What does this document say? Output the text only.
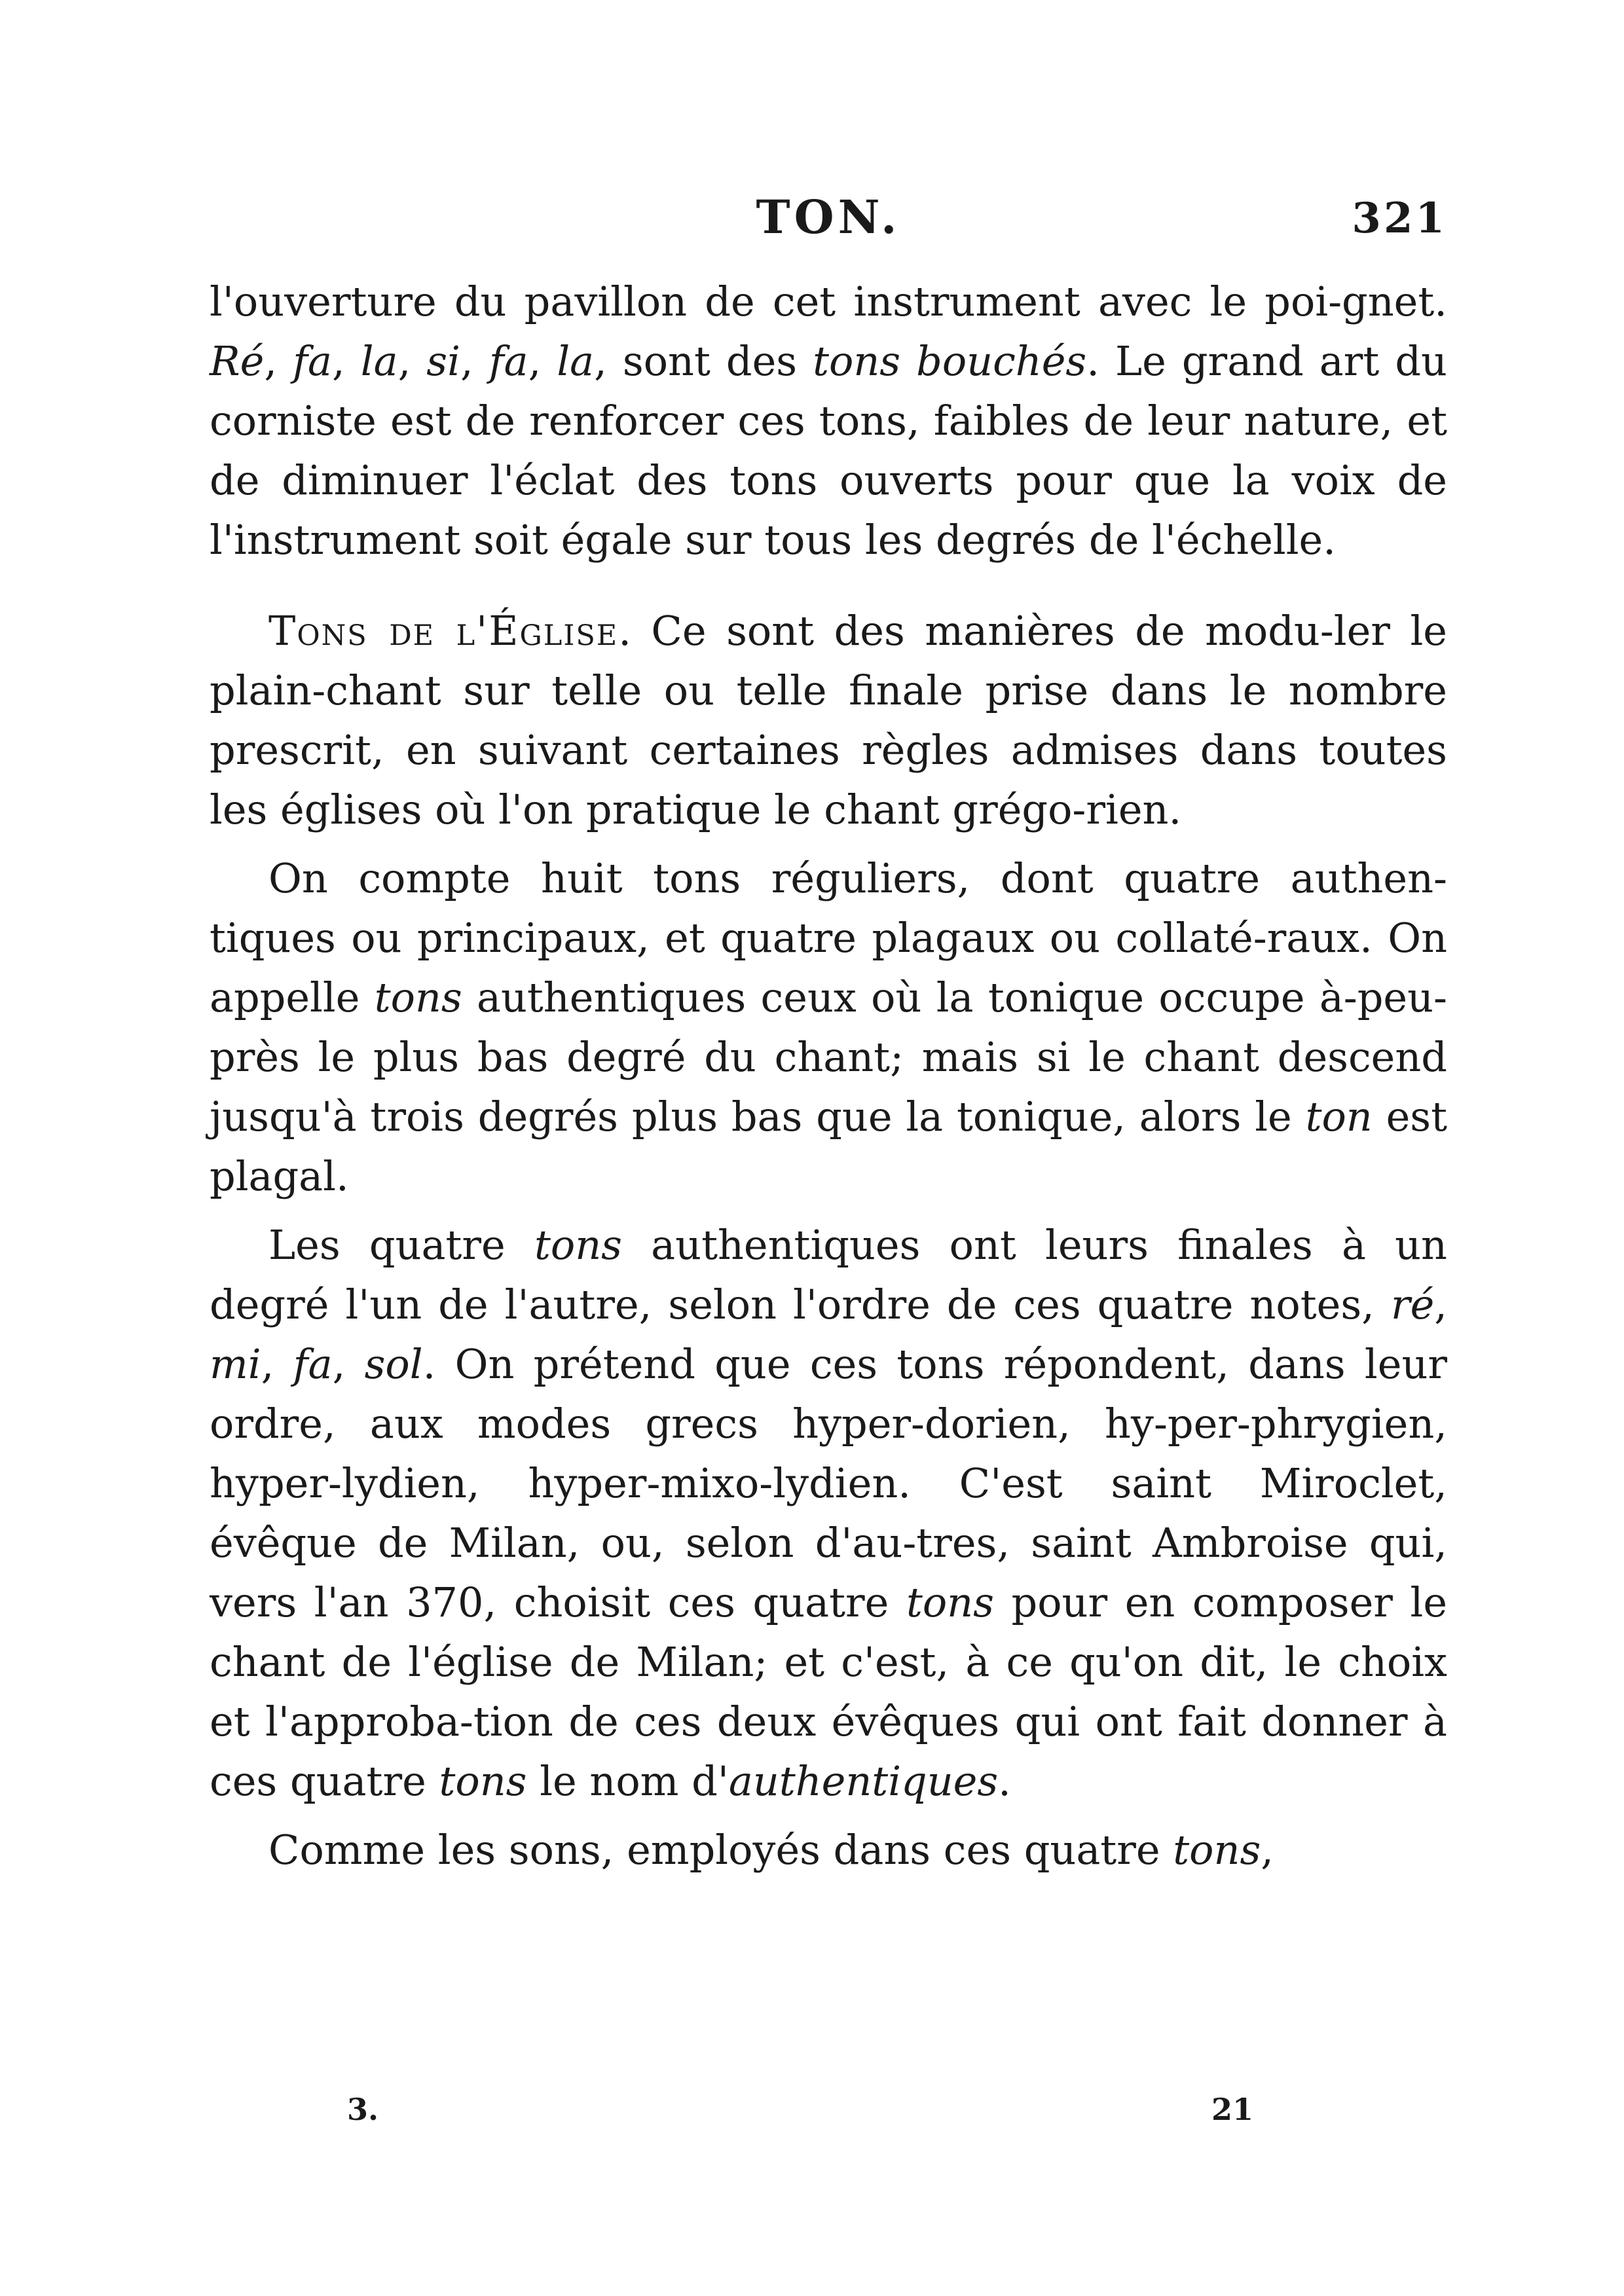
TON.	321

l'ouverture du pavillon de cet instrument avec le poi-gnet. Ré, fa, la, si, fa, la, sont des tons bouchés. Le grand art du corniste est de renforcer ces tons, faibles de leur nature, et de diminuer l'éclat des tons ouverts pour que la voix de l'instrument soit égale sur tous les degrés de l'échelle.

Tons de l'Église. Ce sont des manières de modu-ler le plain-chant sur telle ou telle finale prise dans le nombre prescrit, en suivant certaines règles admises dans toutes les églises où l'on pratique le chant grégo-rien.

On compte huit tons réguliers, dont quatre authen-tiques ou principaux, et quatre plagaux ou collaté-raux. On appelle tons authentiques ceux où la tonique occupe à-peu-près le plus bas degré du chant; mais si le chant descend jusqu'à trois degrés plus bas que la tonique, alors le ton est plagal.

Les quatre tons authentiques ont leurs finales à un degré l'un de l'autre, selon l'ordre de ces quatre notes, ré, mi, fa, sol. On prétend que ces tons répondent, dans leur ordre, aux modes grecs hyper-dorien, hy-per-phrygien, hyper-lydien, hyper-mixo-lydien. C'est saint Miroclet, évêque de Milan, ou, selon d'au-tres, saint Ambroise qui, vers l'an 370, choisit ces quatre tons pour en composer le chant de l'église de Milan; et c'est, à ce qu'on dit, le choix et l'approba-tion de ces deux évêques qui ont fait donner à ces quatre tons le nom d'authentiques.

Comme les sons, employés dans ces quatre tons,

3.	21
